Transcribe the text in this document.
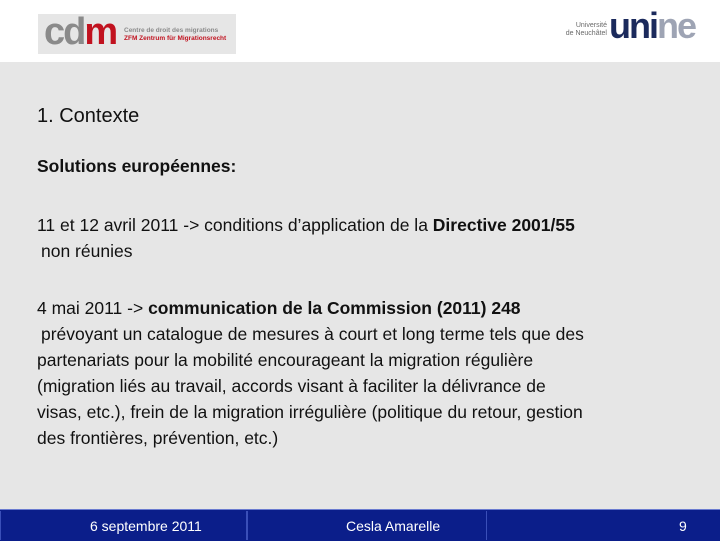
cdm Centre de droit des migrations
ZFM Zentrum für Migrationsrecht
Université
de Neuchâtel unine
1. Contexte
Solutions européennes:

11 et 12 avril 2011 -> conditions d’application de la Directive 2001/55
non réunies

4 mai 2011 -> communication de la Commission (2011) 248
prévoyant un catalogue de mesures à court et long terme tels que des
partenariats pour la mobilité encourageant la migration régulière
(migration liés au travail, accords visant à faciliter la délivrance de
visas, etc.), frein de la migration irrégulière (politique du retour, gestion
des frontières, prévention, etc.)

6 septembre 2011	Cesla Amarelle	9
